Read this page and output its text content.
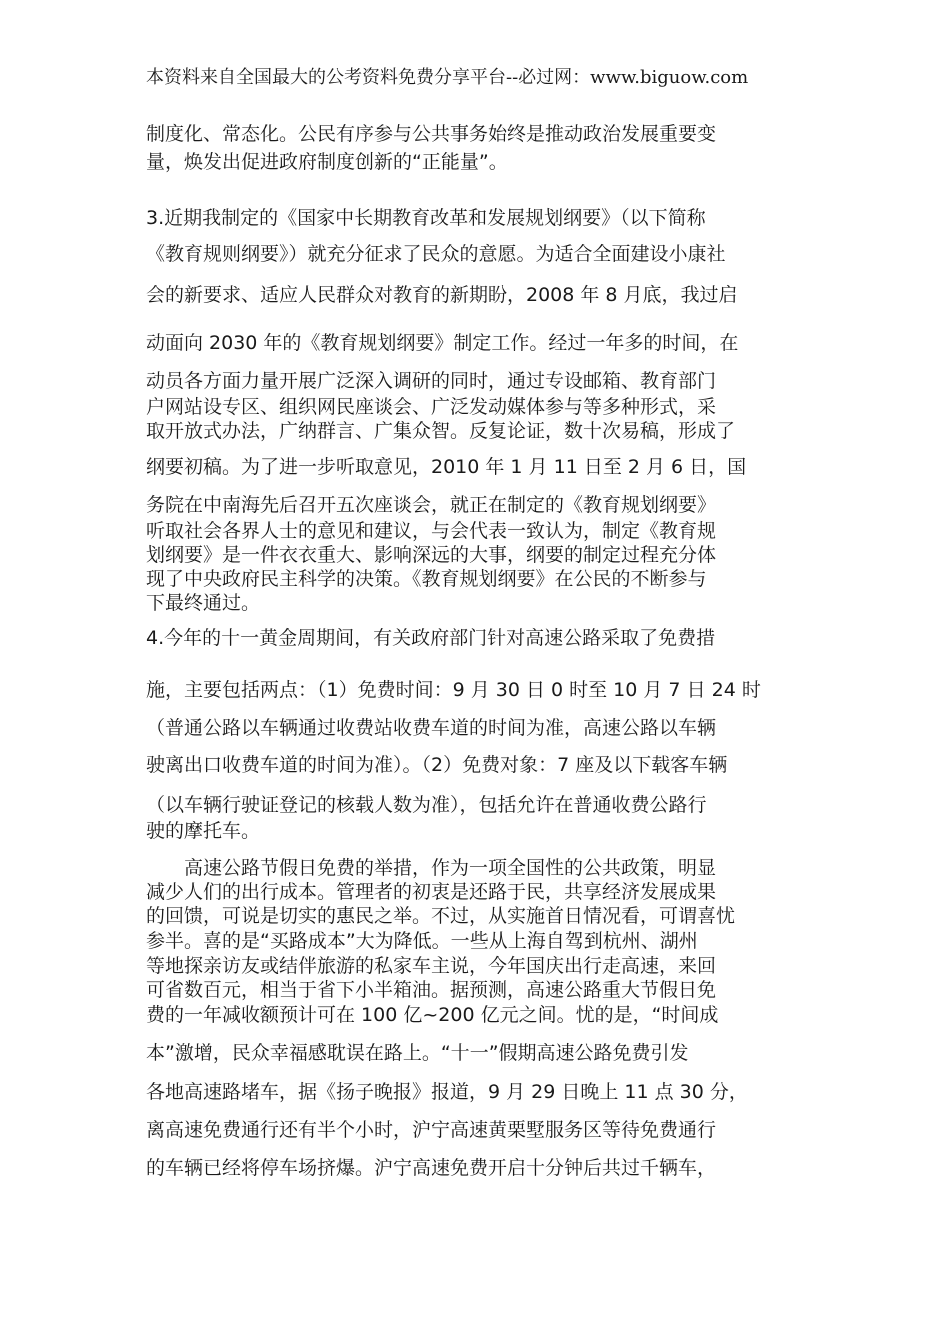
本资料来自全国最大的公考资料免费分享平台--必过网：www.biguow.com
制度化、常态化。公民有序参与公共事务始终是推动政治发展重要变
量，焕发出促进政府制度创新的“正能量”。
3.近期我制定的《国家中长期教育改革和发展规划纲要》（以下简称
《教育规则纲要》）就充分征求了民众的意愿。为适合全面建设小康社
会的新要求、适应人民群众对教育的新期盼，2008 年 8 月底，我过启
动面向 2030 年的《教育规划纲要》制定工作。经过一年多的时间，在
动员各方面力量开展广泛深入调研的同时，通过专设邮箱、教育部门
户网站设专区、组织网民座谈会、广泛发动媒体参与等多种形式，采
取开放式办法，广纳群言、广集众智。反复论证，数十次易稿，形成了
纲要初稿。为了进一步听取意见，2010 年 1 月 11 日至 2 月 6 日，国
务院在中南海先后召开五次座谈会，就正在制定的《教育规划纲要》
听取社会各界人士的意见和建议，与会代表一致认为，制定《教育规
划纲要》是一件衣衣重大、影响深远的大事，纲要的制定过程充分体
现了中央政府民主科学的决策。《教育规划纲要》在公民的不断参与
下最终通过。
4.今年的十一黄金周期间，有关政府部门针对高速公路采取了免费措
施，主要包括两点：（1）免费时间：9 月 30 日 0 时至 10 月 7 日 24 时
（普通公路以车辆通过收费站收费车道的时间为准，高速公路以车辆
驶离出口收费车道的时间为准）。（2）免费对象：7 座及以下载客车辆
（以车辆行驶证登记的核载人数为准），包括允许在普通收费公路行
驶的摩托车。
　　高速公路节假日免费的举措，作为一项全国性的公共政策，明显
减少人们的出行成本。管理者的初衷是还路于民，共享经济发展成果
的回馈，可说是切实的惠民之举。不过，从实施首日情况看，可谓喜忧
参半。喜的是“买路成本”大为降低。一些从上海自驾到杭州、湖州
等地探亲访友或结伴旅游的私家车主说，今年国庆出行走高速，来回
可省数百元，相当于省下小半箱油。据预测，高速公路重大节假日免
费的一年减收额预计可在 100 亿~200 亿元之间。忧的是，“时间成
本”激增，民众幸福感耽误在路上。“十一”假期高速公路免费引发
各地高速路堵车，据《扬子晚报》报道，9 月 29 日晚上 11 点 30 分，
离高速免费通行还有半个小时，沪宁高速黄栗墅服务区等待免费通行
的车辆已经将停车场挤爆。沪宁高速免费开启十分钟后共过千辆车，
